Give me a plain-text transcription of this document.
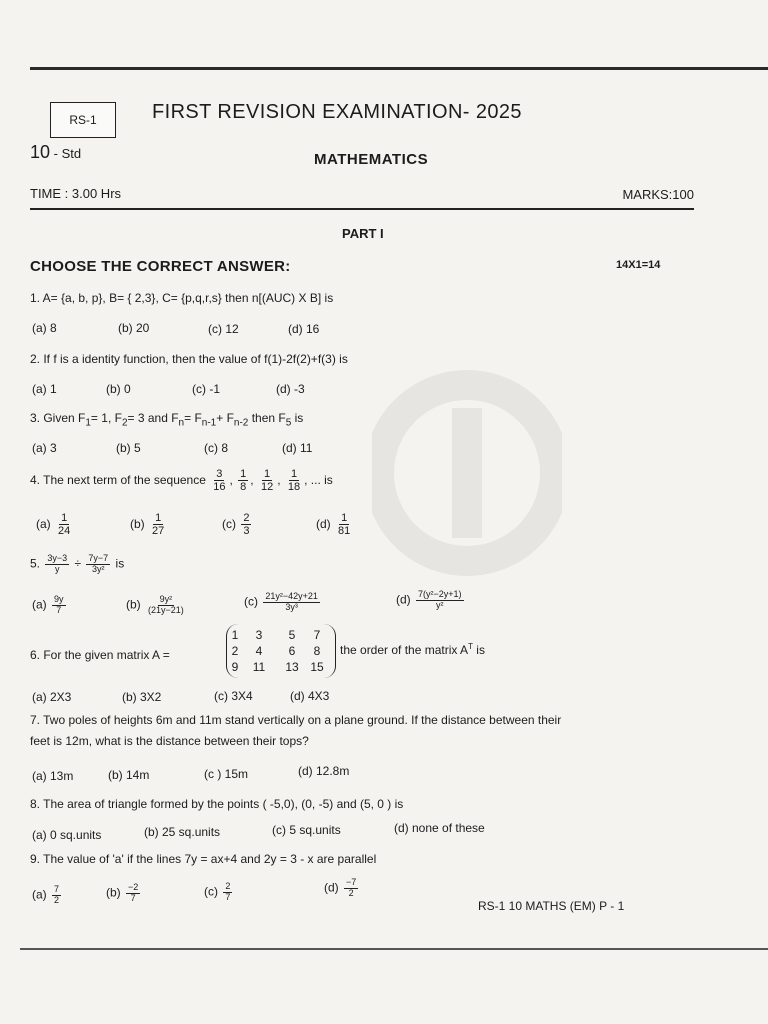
RS-1	FIRST REVISION EXAMINATION- 2025
10 - Std	MATHEMATICS
TIME : 3.00 Hrs	MARKS:100
PART I
CHOOSE THE CORRECT ANSWER:	14X1=14
1. A= {a, b, p}, B= { 2,3}, C= {p,q,r,s} then n[(AUC) X B] is
(a) 8	(b) 20	(c) 12	(d) 16
2. If f is a identity function, then the value of f(1)-2f(2)+f(3) is
(a) 1	(b) 0	(c) -1	(d) -3
3. Given $F_1= 1$, $F_2= 3$ and $F_n= F_{n-1}+ F_{n-2}$ then $F_5$ is
(a) 3	(b) 5	(c) 8	(d) 11
4. The next term of the sequence $\frac{3}{16}$ , $\frac{1}{8}$ , $\frac{1}{12}$ , $\frac{1}{18}$ , ... is
$(a) \frac{1}{24}$	$(b) \frac{1}{27}$	$(c) \frac{2}{3}$	$(d) \frac{1}{81}$
5. $\frac{3y-3}{y} \div \frac{7y-7}{\text{3y²}}$ is
$(a) \frac{9y}{7}$	$(b) \frac{\text{9y²}}{(21y-21)}$	$(c) \frac{\text{21y²−42y+21}}{\text{3y³}}$	$(d) \frac{\text{7(y²−2y+1)}}{\text{y²}}$
6. For the given matrix A =
1	3	5	7
2	4	6	8
9	11	13 15
the order of the matrix $A^T$ is
(a) 2X3	(b) 3X2	(c) 3X4	(d) 4X3
7. Two poles of heights 6m and 11m stand vertically on a plane ground. If the distance between their
feet is 12m, what is the distance between their tops?
(a) 13m	(b) 14m	(c ) 15m	(d) 12.8m
8. The area of triangle formed by the points ( -5,0), (0, -5) and (5, 0 ) is
(a) 0 sq.units	(b) 25 sq.units	(c) 5 sq.units	(d) none of these
9. The value of 'a' if the lines 7y = ax+4 and 2y = 3 - x are parallel
$(a) \frac{7}{2}$	$(b) \frac{-2}{7}$	$(c) \frac{2}{7}$	$(d) \frac{-7}{2}$
RS-1 10 MATHS (EM) P - 1
